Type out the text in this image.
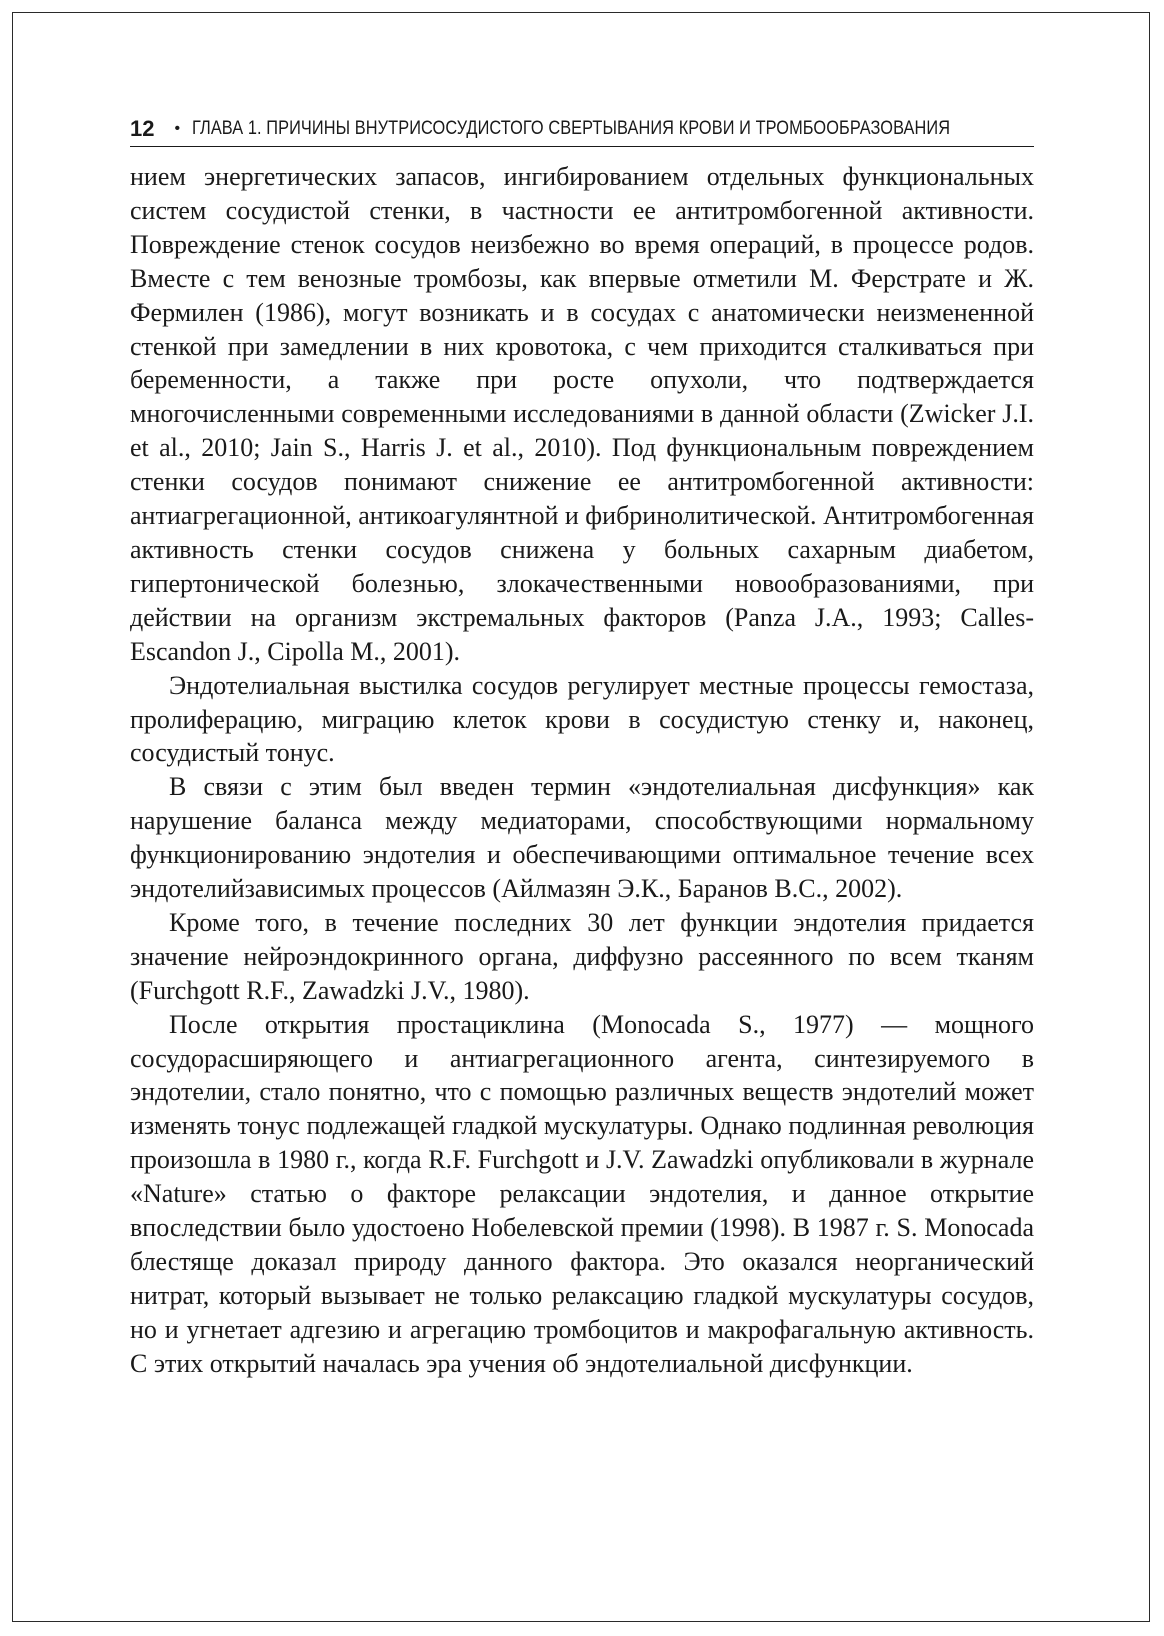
12 • ГЛАВА 1. ПРИЧИНЫ ВНУТРИСОСУДИСТОГО СВЕРТЫВАНИЯ КРОВИ И ТРОМБООБРАЗОВАНИЯ

нием энергетических запасов, ингибированием отдельных функциональных систем сосудистой стенки, в частности ее антитромбогенной активности. Повреждение стенок сосудов неизбежно во время операций, в процессе родов. Вместе с тем венозные тромбозы, как впервые отметили М. Ферстрате и Ж. Фермилен (1986), могут возникать и в сосудах с анатомически неизмененной стенкой при замедлении в них кровотока, с чем приходится сталкиваться при беременности, а также при росте опухоли, что подтверждается многочисленными современными исследованиями в данной области (Zwicker J.I. et al., 2010; Jain S., Harris J. et al., 2010). Под функциональным повреждением стенки сосудов понимают снижение ее антитромбогенной активности: антиагрегационной, антикоагулянтной и фибринолитической. Антитромбогенная активность стенки сосудов снижена у больных сахарным диабетом, гипертонической болезнью, злокачественными новообразованиями, при действии на организм экстремальных факторов (Panza J.A., 1993; Calles-Escandon J., Cipolla M., 2001).

Эндотелиальная выстилка сосудов регулирует местные процессы гемостаза, пролиферацию, миграцию клеток крови в сосудистую стенку и, наконец, сосудистый тонус.

В связи с этим был введен термин «эндотелиальная дисфункция» как нарушение баланса между медиаторами, способствующими нормальному функционированию эндотелия и обеспечивающими оптимальное течение всех эндотелийзависимых процессов (Айлмазян Э.К., Баранов В.С., 2002).

Кроме того, в течение последних 30 лет функции эндотелия придается значение нейроэндокринного органа, диффузно рассеянного по всем тканям (Furchgott R.F., Zawadzki J.V., 1980).

После открытия простациклина (Monocada S., 1977) — мощного сосудорасширяющего и антиагрегационного агента, синтезируемого в эндотелии, стало понятно, что с помощью различных веществ эндотелий может изменять тонус подлежащей гладкой мускулатуры. Однако подлинная революция произошла в 1980 г., когда R.F. Furchgott и J.V. Zawadzki опубликовали в журнале «Nature» статью о факторе релаксации эндотелия, и данное открытие впоследствии было удостоено Нобелевской премии (1998). В 1987 г. S. Monocada блестяще доказал природу данного фактора. Это оказался неорганический нитрат, который вызывает не только релаксацию гладкой мускулатуры сосудов, но и угнетает адгезию и агрегацию тромбоцитов и макрофагальную активность. С этих открытий началась эра учения об эндотелиальной дисфункции.
